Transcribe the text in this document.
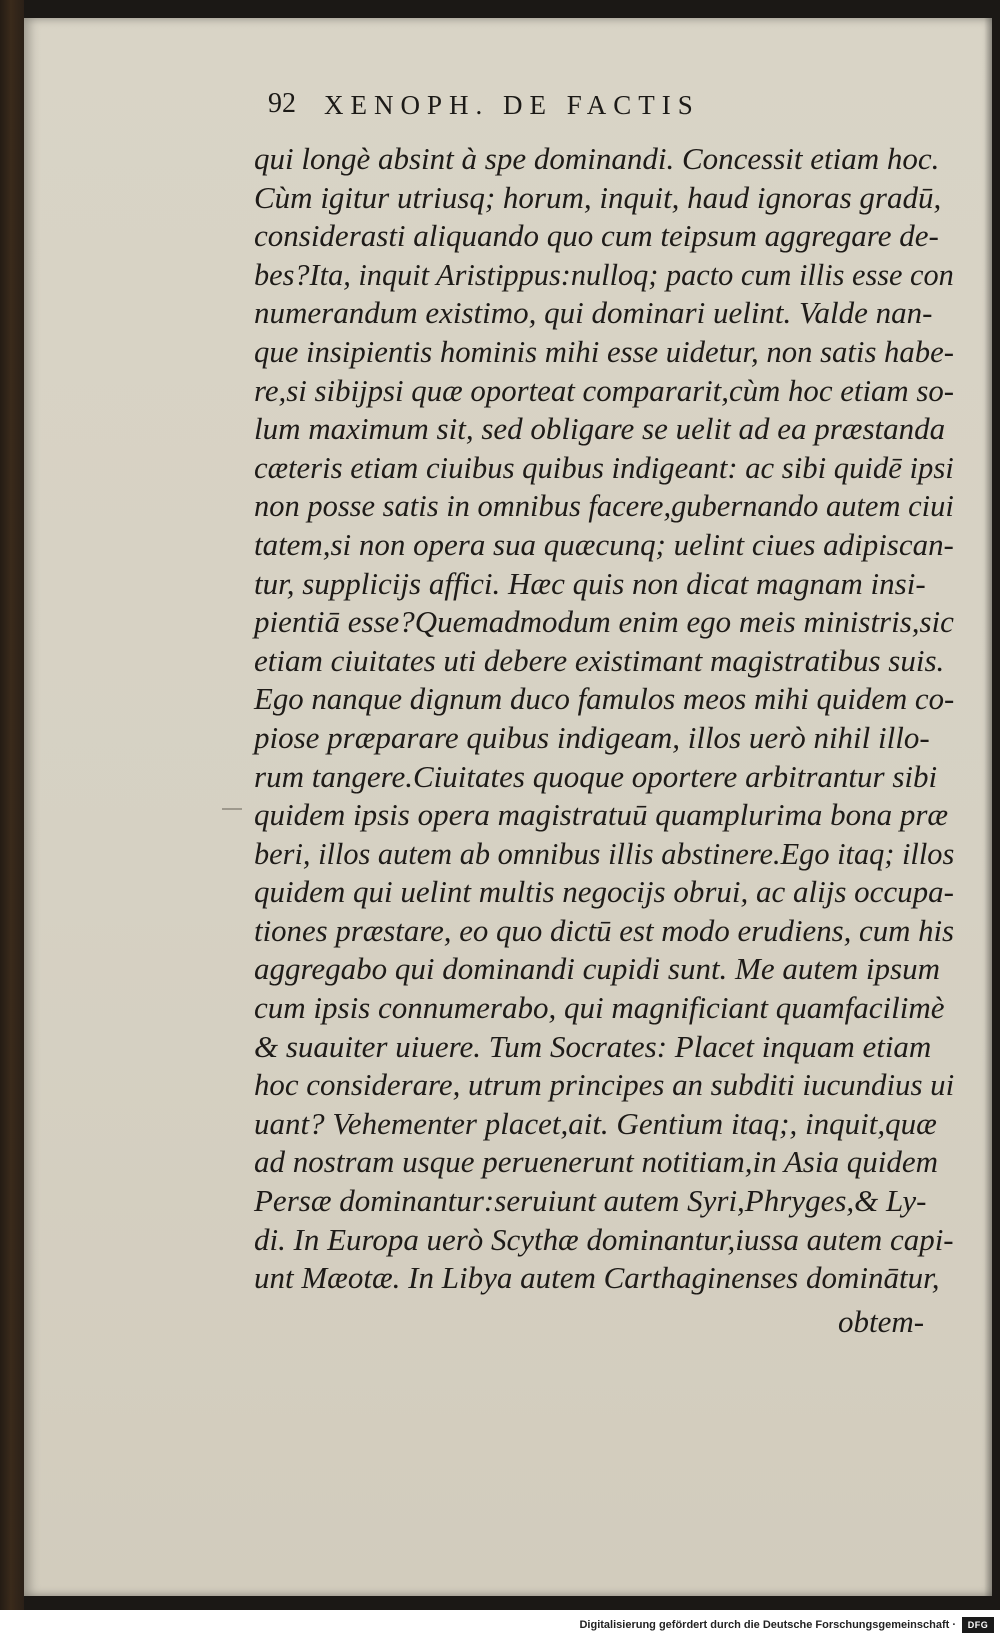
92 XENOPH. DE FACTIS
qui longè absint à spe dominandi. Concessit etiam hoc.
Cùm igitur utriusq; horum, inquit, haud ignoras gradū,
considerasti aliquando quo cum teipsum aggregare de-
bes?Ita, inquit Aristippus:nulloq; pacto cum illis esse con
numerandum existimo, qui dominari uelint. Valde nan-
que insipientis hominis mihi esse uidetur, non satis habe-
re,si sibijpsi quæ oporteat compararit,cùm hoc etiam so-
lum maximum sit, sed obligare se uelit ad ea præstanda
cæteris etiam ciuibus quibus indigeant: ac sibi quidē ipsi
non posse satis in omnibus facere,gubernando autem ciui
tatem,si non opera sua quæcunq; uelint ciues adipiscan-
tur, supplicijs affici. Hæc quis non dicat magnam insi-
pientiā esse?Quemadmodum enim ego meis ministris,sic
etiam ciuitates uti debere existimant magistratibus suis.
Ego nanque dignum duco famulos meos mihi quidem co-
piose præparare quibus indigeam, illos uerò nihil illo-
rum tangere.Ciuitates quoque oportere arbitrantur sibi
quidem ipsis opera magistratuū quamplurima bona præ
beri, illos autem ab omnibus illis abstinere.Ego itaq; illos
quidem qui uelint multis negocijs obrui, ac alijs occupa-
tiones præstare, eo quo dictū est modo erudiens, cum his
aggregabo qui dominandi cupidi sunt. Me autem ipsum
cum ipsis connumerabo, qui magnificiant quamfacilimè
& suauiter uiuere. Tum Socrates: Placet inquam etiam
hoc considerare, utrum principes an subditi iucundius ui
uant? Vehementer placet,ait. Gentium itaq;, inquit,quæ
ad nostram usque peruenerunt notitiam,in Asia quidem
Persæ dominantur:seruiunt autem Syri,Phryges,& Ly-
di. In Europa uerò Scythæ dominantur,iussa autem capi-
unt Mæotæ. In Libya autem Carthaginenses dominātur,
obtem-
Digitalisierung gefördert durch die Deutsche Forschungsgemeinschaft ·	DFG
